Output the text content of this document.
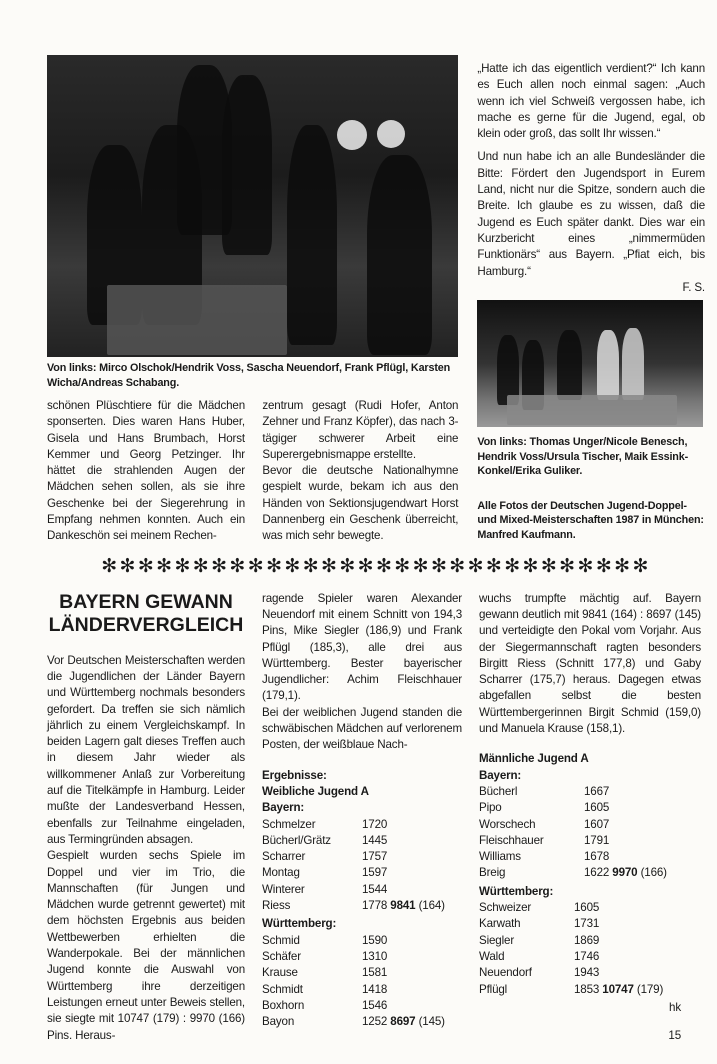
Von links: Mirco Olschok/Hendrik Voss, Sascha Neuendorf, Frank Pflügl, Karsten Wicha/Andreas Schabang.
schönen Plüschtiere für die Mädchen sponserten. Dies waren Hans Huber, Gisela und Hans Brumbach, Horst Kemmer und Georg Petzinger. Ihr hättet die strahlenden Augen der Mädchen sehen sollen, als sie ihre Geschenke bei der Siegerehrung in Empfang nehmen konnten. Auch ein Dankeschön sei meinem Rechen-
zentrum gesagt (Rudi Hofer, Anton Zehner und Franz Köpfer), das nach 3-tägiger schwerer Arbeit eine Superergebnismappe erstellte.
Bevor die deutsche Nationalhymne gespielt wurde, bekam ich aus den Händen von Sektionsjugendwart Horst Dannenberg ein Geschenk überreicht, was mich sehr bewegte.
„Hatte ich das eigentlich verdient?“ Ich kann es Euch allen noch einmal sagen: „Auch wenn ich viel Schweiß vergossen habe, ich mache es gerne für die Jugend, egal, ob klein oder groß, das sollt Ihr wissen.“
Und nun habe ich an alle Bundesländer die Bitte: Fördert den Jugendsport in Eurem Land, nicht nur die Spitze, sondern auch die Breite. Ich glaube es zu wissen, daß die Jugend es Euch später dankt. Dies war ein Kurzbericht eines „nimmermüden Funktionärs“ aus Bayern. „Pfiat eich, bis Hamburg.“
F. S.
Von links: Thomas Unger/Nicole Benesch, Hendrik Voss/Ursula Tischer, Maik Essink-Konkel/Erika Guliker.
Alle Fotos der Deutschen Jugend-Doppel- und Mixed-Meisterschaften 1987 in München: Manfred Kaufmann.
✻✻✻✻✻✻✻✻✻✻✻✻✻✻✻✻✻✻✻✻✻✻✻✻✻✻✻✻✻✻
BAYERN GEWANN
LÄNDERVERGLEICH
Vor Deutschen Meisterschaften werden die Jugendlichen der Länder Bayern und Württemberg nochmals besonders gefordert. Da treffen sie sich nämlich jährlich zu einem Vergleichskampf. In beiden Lagern galt dieses Treffen auch in diesem Jahr wieder als willkommener Anlaß zur Vorbereitung auf die Titelkämpfe in Hamburg. Leider mußte der Landesverband Hessen, ebenfalls zur Teilnahme eingeladen, aus Termingründen absagen.
Gespielt wurden sechs Spiele im Doppel und vier im Trio, die Mannschaften (für Jungen und Mädchen wurde getrennt gewertet) mit dem höchsten Ergebnis aus beiden Wettbewerben erhielten die Wanderpokale. Bei der männlichen Jugend konnte die Auswahl von Württemberg ihre derzeitigen Leistungen erneut unter Beweis stellen, sie siegte mit 10747 (179) : 9970 (166) Pins. Heraus-
ragende Spieler waren Alexander Neuendorf mit einem Schnitt von 194,3 Pins, Mike Siegler (186,9) und Frank Pflügl (185,3), alle drei aus Württemberg. Bester bayerischer Jugendlicher: Achim Fleischhauer (179,1).
Bei der weiblichen Jugend standen die schwäbischen Mädchen auf verlorenem Posten, der weißblaue Nach-
Ergebnisse:
Weibliche Jugend A
Bayern:
Schmelzer	1720
Bücherl/Grätz	1445
Scharrer	1757
Montag	1597
Winterer	1544
Riess	1778 9841 (164)
Württemberg:
Schmid	1590
Schäfer	1310
Krause	1581
Schmidt	1418
Boxhorn	1546
Bayon	1252 8697 (145)
wuchs trumpfte mächtig auf. Bayern gewann deutlich mit 9841 (164) : 8697 (145) und verteidigte den Pokal vom Vorjahr. Aus der Siegermannschaft ragten besonders Birgitt Riess (Schnitt 177,8) und Gaby Scharrer (175,7) heraus. Dagegen etwas abgefallen selbst die besten Württembergerinnen Birgit Schmid (159,0) und Manuela Krause (158,1).
Männliche Jugend A
Bayern:
Bücherl	1667
Pipo	1605
Worschech	1607
Fleischhauer	1791
Williams	1678
Breig	1622 9970 (166)
Württemberg:
Schweizer	1605
Karwath	1731
Siegler	1869
Wald	1746
Neuendorf	1943
Pflügl	1853 10747 (179)
hk
15
